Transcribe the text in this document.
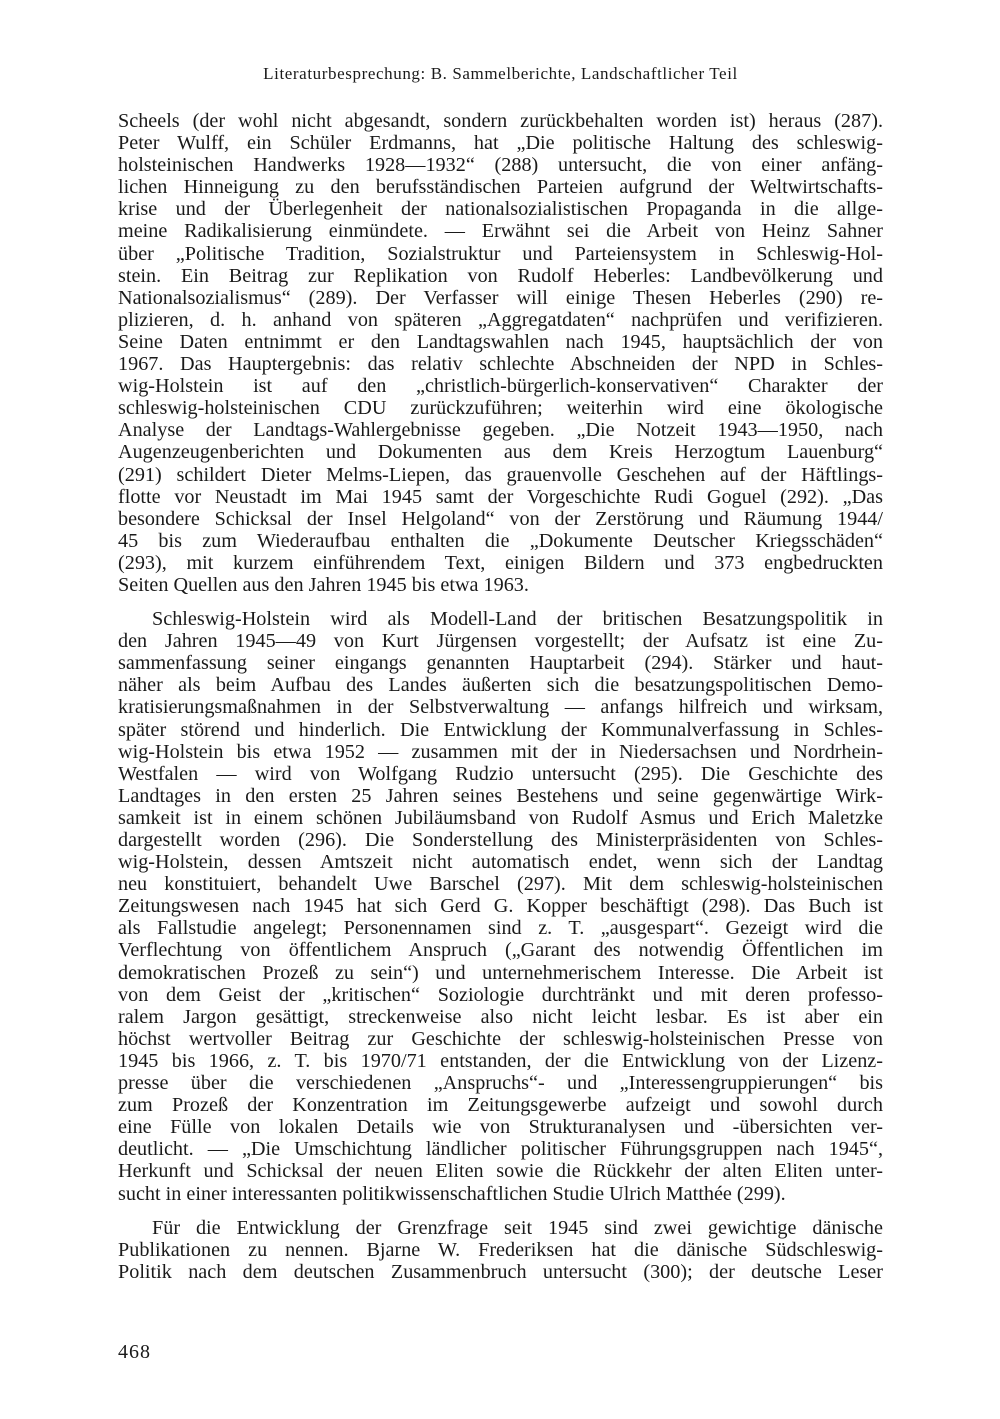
Literaturbesprechung: B. Sammelberichte, Landschaftlicher Teil

Scheels (der wohl nicht abgesandt, sondern zurückbehalten worden ist) heraus (287).
Peter Wulff, ein Schüler Erdmanns, hat „Die politische Haltung des schleswig-
holsteinischen Handwerks 1928—1932“ (288) untersucht, die von einer anfäng-
lichen Hinneigung zu den berufsständischen Parteien aufgrund der Weltwirtschafts-
krise und der Überlegenheit der nationalsozialistischen Propaganda in die allge-
meine Radikalisierung einmündete. — Erwähnt sei die Arbeit von Heinz Sahner
über „Politische Tradition, Sozialstruktur und Parteiensystem in Schleswig-Hol-
stein. Ein Beitrag zur Replikation von Rudolf Heberles: Landbevölkerung und
Nationalsozialismus“ (289). Der Verfasser will einige Thesen Heberles (290) re-
plizieren, d. h. anhand von späteren „Aggregatdaten“ nachprüfen und verifizieren.
Seine Daten entnimmt er den Landtagswahlen nach 1945, hauptsächlich der von
1967. Das Hauptergebnis: das relativ schlechte Abschneiden der NPD in Schles-
wig-Holstein ist auf den „christlich-bürgerlich-konservativen“ Charakter der
schleswig-holsteinischen CDU zurückzuführen; weiterhin wird eine ökologische
Analyse der Landtags-Wahlergebnisse gegeben. „Die Notzeit 1943—1950, nach
Augenzeugenberichten und Dokumenten aus dem Kreis Herzogtum Lauenburg“
(291) schildert Dieter Melms-Liepen, das grauenvolle Geschehen auf der Häftlings-
flotte vor Neustadt im Mai 1945 samt der Vorgeschichte Rudi Goguel (292). „Das
besondere Schicksal der Insel Helgoland“ von der Zerstörung und Räumung 1944/
45 bis zum Wiederaufbau enthalten die „Dokumente Deutscher Kriegsschäden“
(293), mit kurzem einführendem Text, einigen Bildern und 373 engbedruckten
Seiten Quellen aus den Jahren 1945 bis etwa 1963.

Schleswig-Holstein wird als Modell-Land der britischen Besatzungspolitik in
den Jahren 1945—49 von Kurt Jürgensen vorgestellt; der Aufsatz ist eine Zu-
sammenfassung seiner eingangs genannten Hauptarbeit (294). Stärker und haut-
näher als beim Aufbau des Landes äußerten sich die besatzungspolitischen Demo-
kratisierungsmaßnahmen in der Selbstverwaltung — anfangs hilfreich und wirksam,
später störend und hinderlich. Die Entwicklung der Kommunalverfassung in Schles-
wig-Holstein bis etwa 1952 — zusammen mit der in Niedersachsen und Nordrhein-
Westfalen — wird von Wolfgang Rudzio untersucht (295). Die Geschichte des
Landtages in den ersten 25 Jahren seines Bestehens und seine gegenwärtige Wirk-
samkeit ist in einem schönen Jubiläumsband von Rudolf Asmus und Erich Maletzke
dargestellt worden (296). Die Sonderstellung des Ministerpräsidenten von Schles-
wig-Holstein, dessen Amtszeit nicht automatisch endet, wenn sich der Landtag
neu konstituiert, behandelt Uwe Barschel (297). Mit dem schleswig-holsteinischen
Zeitungswesen nach 1945 hat sich Gerd G. Kopper beschäftigt (298). Das Buch ist
als Fallstudie angelegt; Personennamen sind z. T. „ausgespart“. Gezeigt wird die
Verflechtung von öffentlichem Anspruch („Garant des notwendig Öffentlichen im
demokratischen Prozeß zu sein“) und unternehmerischem Interesse. Die Arbeit ist
von dem Geist der „kritischen“ Soziologie durchtränkt und mit deren professo-
ralem Jargon gesättigt, streckenweise also nicht leicht lesbar. Es ist aber ein
höchst wertvoller Beitrag zur Geschichte der schleswig-holsteinischen Presse von
1945 bis 1966, z. T. bis 1970/71 entstanden, der die Entwicklung von der Lizenz-
presse über die verschiedenen „Anspruchs“- und „Interessengruppierungen“ bis
zum Prozeß der Konzentration im Zeitungsgewerbe aufzeigt und sowohl durch
eine Fülle von lokalen Details wie von Strukturanalysen und -übersichten ver-
deutlicht. — „Die Umschichtung ländlicher politischer Führungsgruppen nach 1945“,
Herkunft und Schicksal der neuen Eliten sowie die Rückkehr der alten Eliten unter-
sucht in einer interessanten politikwissenschaftlichen Studie Ulrich Matthée (299).

Für die Entwicklung der Grenzfrage seit 1945 sind zwei gewichtige dänische
Publikationen zu nennen. Bjarne W. Frederiksen hat die dänische Südschleswig-
Politik nach dem deutschen Zusammenbruch untersucht (300); der deutsche Leser

468
